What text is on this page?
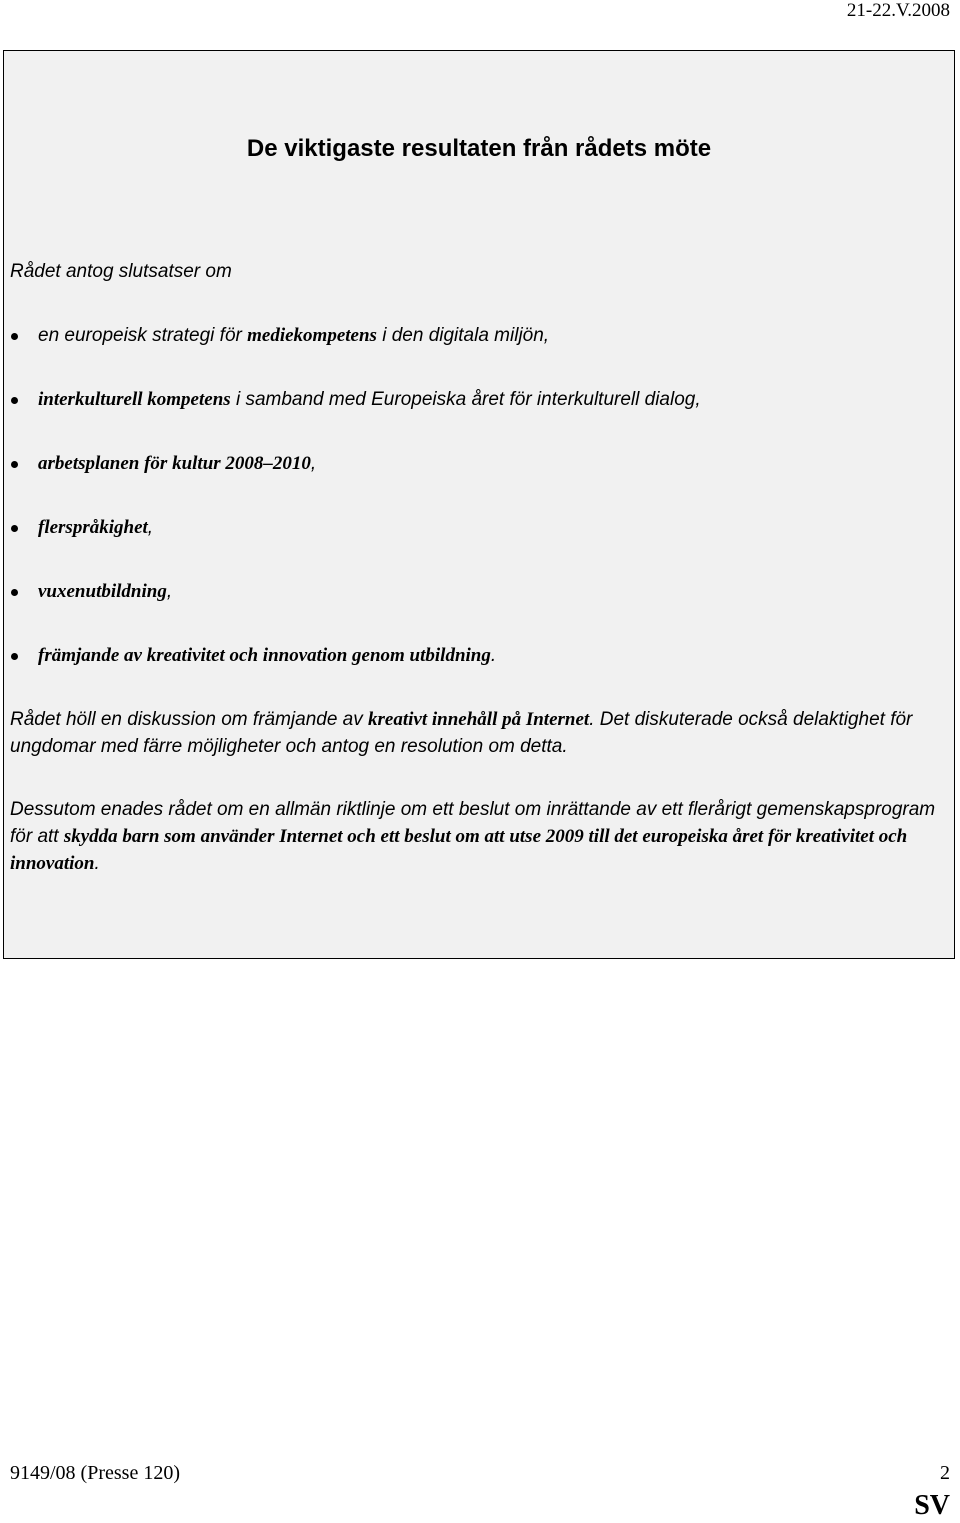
21-22.V.2008
De viktigaste resultaten från rådets möte
Rådet antog slutsatser om
en europeisk strategi för mediekompetens i den digitala miljön,
interkulturell kompetens i samband med Europeiska året för interkulturell dialog,
arbetsplanen för kultur 2008–2010,
flerspråkighet,
vuxenutbildning,
främjande av kreativitet och innovation genom utbildning.
Rådet höll en diskussion om främjande av kreativt innehåll på Internet. Det diskuterade också delaktighet för ungdomar med färre möjligheter och antog en resolution om detta.
Dessutom enades rådet om en allmän riktlinje om ett beslut om inrättande av ett flerårigt gemenskapsprogram för att skydda barn som använder Internet och ett beslut om att utse 2009 till det europeiska året för kreativitet och innovation.
9149/08 (Presse 120)	2
SV
